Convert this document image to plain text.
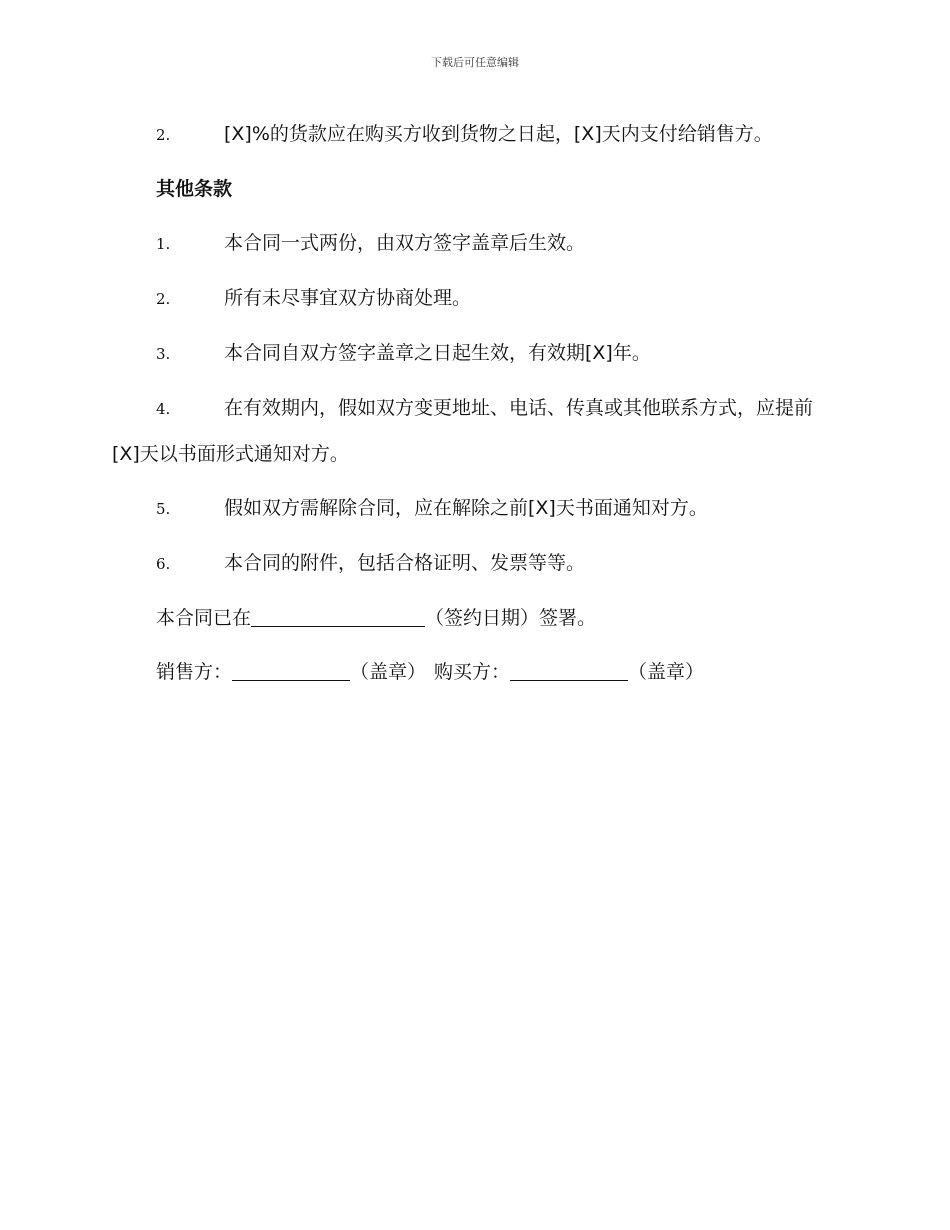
下载后可任意编辑
2.	[X]%的货款应在购买方收到货物之日起，[X]天内支付给销售方。
其他条款
1.	本合同一式两份，由双方签字盖章后生效。
2.	所有未尽事宜双方协商处理。
3.	本合同自双方签字盖章之日起生效，有效期[X]年。
4.	在有效期内，假如双方变更地址、电话、传真或其他联系方式，应提前[X]天以书面形式通知对方。
5.	假如双方需解除合同，应在解除之前[X]天书面通知对方。
6.	本合同的附件，包括合格证明、发票等等。
本合同已在	（签约日期）签署。
销售方：	（盖章） 购买方：	（盖章）
